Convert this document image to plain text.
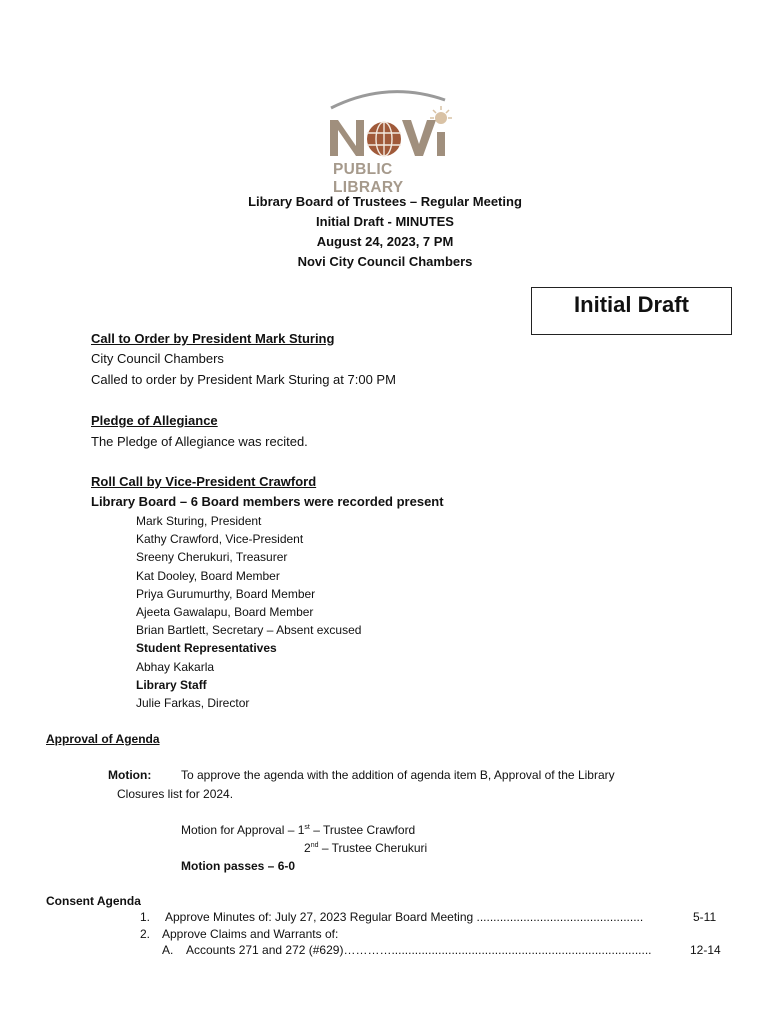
PUBLIC LIBRARY
Library Board of Trustees – Regular Meeting
Initial Draft - MINUTES
August 24, 2023, 7 PM
Novi City Council Chambers
Initial Draft
Call to Order by President Mark Sturing
City Council Chambers
Called to order by President Mark Sturing at 7:00 PM
Pledge of Allegiance
The Pledge of Allegiance was recited.
Roll Call by Vice-President Crawford
Library Board – 6 Board members were recorded present
Mark Sturing, President
Kathy Crawford, Vice-President
Sreeny Cherukuri, Treasurer
Kat Dooley, Board Member
Priya Gurumurthy, Board Member
Ajeeta Gawalapu, Board Member
Brian Bartlett, Secretary – Absent excused
Student Representatives
Abhay Kakarla
Library Staff
Julie Farkas, Director
Approval of Agenda
Motion: To approve the agenda with the addition of agenda item B, Approval of the Library
Closures list for 2024.
Motion for Approval – 1st – Trustee Crawford
2nd – Trustee Cherukuri
Motion passes – 6-0
Consent Agenda
1. Approve Minutes of: July 27, 2023 Regular Board Meeting ..................................................	5-11
2. Approve Claims and Warrants of:
A. Accounts 271 and 272 (#629)…………..............................................................................	12-14
